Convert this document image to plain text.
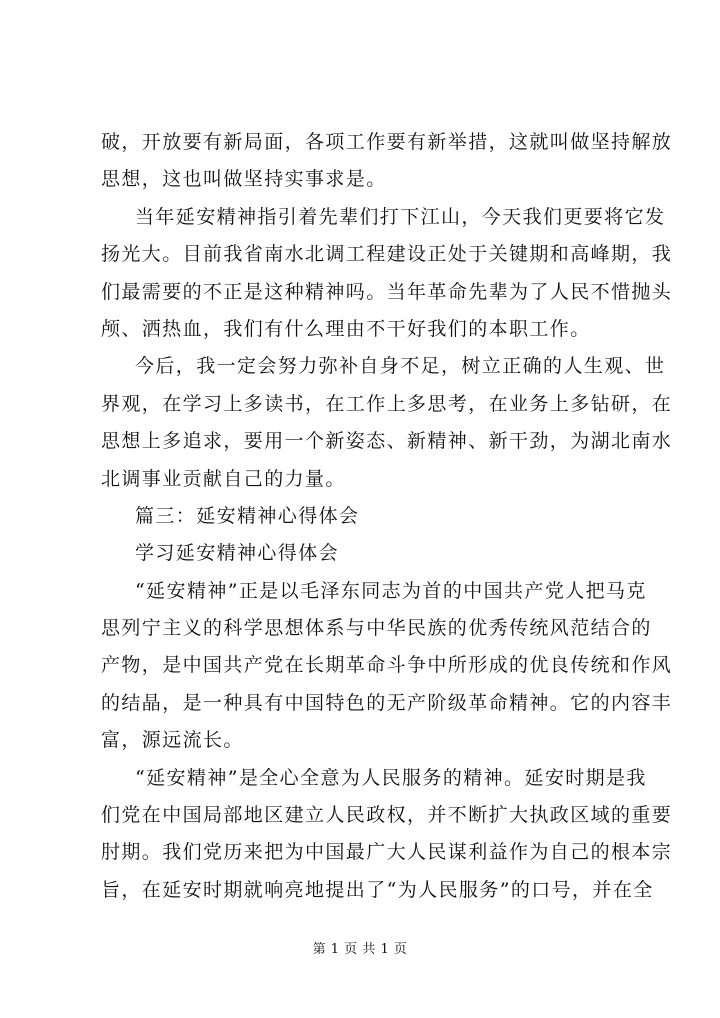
破，开放要有新局面，各项工作要有新举措，这就叫做坚持解放
思想，这也叫做坚持实事求是。
当年延安精神指引着先辈们打下江山，今天我们更要将它发
扬光大。目前我省南水北调工程建设正处于关键期和高峰期，我
们最需要的不正是这种精神吗。当年革命先辈为了人民不惜抛头
颅、洒热血，我们有什么理由不干好我们的本职工作。
今后，我一定会努力弥补自身不足，树立正确的人生观、世
界观，在学习上多读书，在工作上多思考，在业务上多钻研，在
思想上多追求，要用一个新姿态、新精神、新干劲，为湖北南水
北调事业贡献自己的力量。
篇三：延安精神心得体会
学习延安精神心得体会
“延安精神”正是以毛泽东同志为首的中国共产党人把马克
思列宁主义的科学思想体系与中华民族的优秀传统风范结合的
产物，是中国共产党在长期革命斗争中所形成的优良传统和作风
的结晶，是一种具有中国特色的无产阶级革命精神。它的内容丰
富，源远流长。
“延安精神”是全心全意为人民服务的精神。延安时期是我
们党在中国局部地区建立人民政权，并不断扩大执政区域的重要
肘期。我们党历来把为中国最广大人民谋利益作为自己的根本宗
旨，在延安时期就响亮地提出了“为人民服务”的口号，并在全
第 1 页 共 1 页
